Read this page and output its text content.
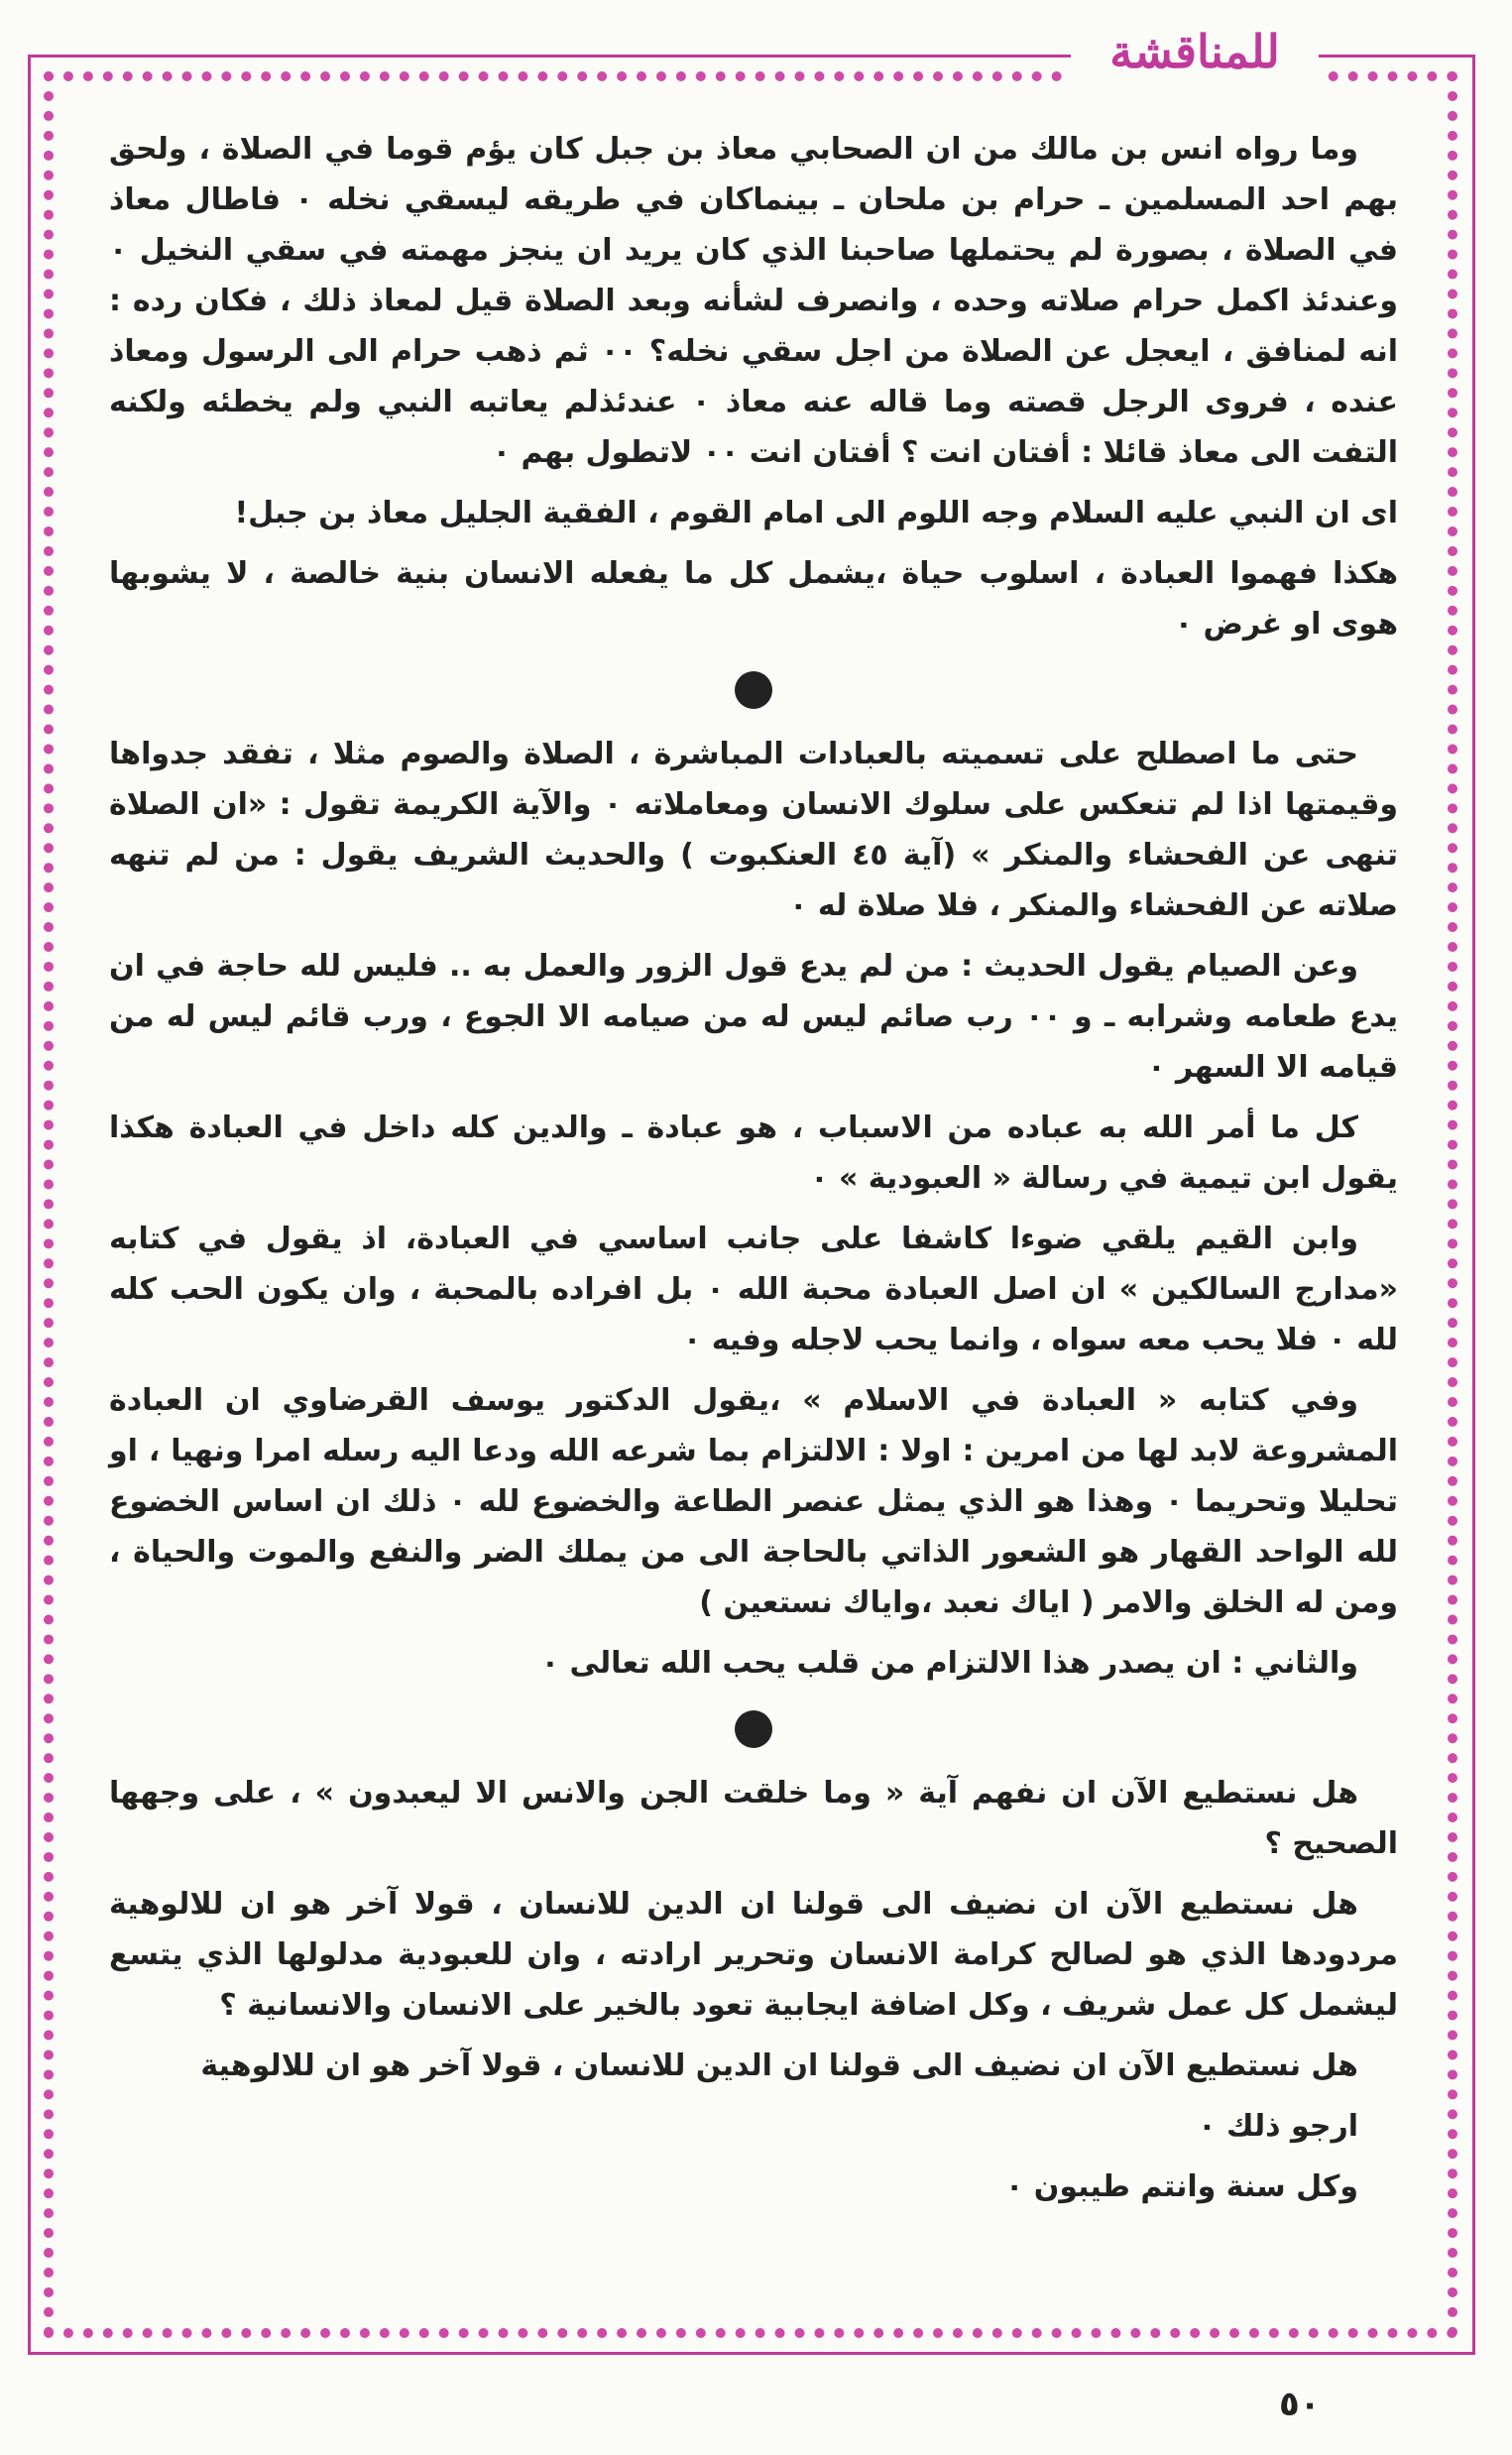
للمناقشة

وما رواه انس بن مالك من ان الصحابي معاذ بن جبل كان يؤم قوما في الصلاة ، ولحق بهم احد المسلمين ـ حرام بن ملحان ـ بينماكان في طريقه ليسقي نخله ٠ فاطال معاذ في الصلاة ، بصورة لم يحتملها صاحبنا الذي كان يريد ان ينجز مهمته في سقي النخيل ٠ وعندئذ اكمل حرام صلاته وحده ، وانصرف لشأنه وبعد الصلاة قيل لمعاذ ذلك ، فكان رده : انه لمنافق ، ايعجل عن الصلاة من اجل سقي نخله؟ ٠٠ ثم ذهب حرام الى الرسول ومعاذ عنده ، فروى الرجل قصته وما قاله عنه معاذ ٠ عندئذلم يعاتبه النبي ولم يخطئه ولكنه التفت الى معاذ قائلا : أفتان انت ؟ أفتان انت ٠٠ لاتطول بهم ٠

اى ان النبي عليه السلام وجه اللوم الى امام القوم ، الفقية الجليل معاذ بن جبل!

هكذا فهموا العبادة ، اسلوب حياة ،يشمل كل ما يفعله الانسان بنية خالصة ، لا يشوبها هوى او غرض ٠

حتى ما اصطلح على تسميته بالعبادات المباشرة ، الصلاة والصوم مثلا ، تفقد جدواها وقيمتها اذا لم تنعكس على سلوك الانسان ومعاملاته ٠ والآية الكريمة تقول : «ان الصلاة تنهى عن الفحشاء والمنكر » (آية ٤٥ العنكبوت ) والحديث الشريف يقول : من لم تنهه صلاته عن الفحشاء والمنكر ، فلا صلاة له ٠

وعن الصيام يقول الحديث : من لم يدع قول الزور والعمل به .. فليس لله حاجة في ان يدع طعامه وشرابه ـ و ٠٠ رب صائم ليس له من صيامه الا الجوع ، ورب قائم ليس له من قيامه الا السهر ٠

كل ما أمر الله به عباده من الاسباب ، هو عبادة ـ والدين كله داخل في العبادة هكذا يقول ابن تيمية في رسالة « العبودية » ٠

وابن القيم يلقي ضوءا كاشفا على جانب اساسي في العبادة، اذ يقول في كتابه «مدارج السالكين » ان اصل العبادة محبة الله ٠ بل افراده بالمحبة ، وان يكون الحب كله لله ٠ فلا يحب معه سواه ، وانما يحب لاجله وفيه ٠

وفي كتابه « العبادة في الاسلام » ،يقول الدكتور يوسف القرضاوي ان العبادة المشروعة لابد لها من امرين : اولا : الالتزام بما شرعه الله ودعا اليه رسله امرا ونهيا ، او تحليلا وتحريما ٠ وهذا هو الذي يمثل عنصر الطاعة والخضوع لله ٠ ذلك ان اساس الخضوع لله الواحد القهار هو الشعور الذاتي بالحاجة الى من يملك الضر والنفع والموت والحياة ، ومن له الخلق والامر ( اياك نعبد ،واياك نستعين )

والثاني : ان يصدر هذا الالتزام من قلب يحب الله تعالى ٠

هل نستطيع الآن ان نفهم آية « وما خلقت الجن والانس الا ليعبدون » ، على وجهها الصحيح ؟

هل نستطيع الآن ان نضيف الى قولنا ان الدين للانسان ، قولا آخر هو ان للالوهية مردودها الذي هو لصالح كرامة الانسان وتحرير ارادته ، وان للعبودية مدلولها الذي يتسع ليشمل كل عمل شريف ، وكل اضافة ايجابية تعود بالخير على الانسان والانسانية ؟

هل نستطيع الآن ان نضيف الى قولنا ان الدين للانسان ، قولا آخر هو ان للالوهية

ارجو ذلك ٠

وكل سنة وانتم طيبون ٠

٥٠
